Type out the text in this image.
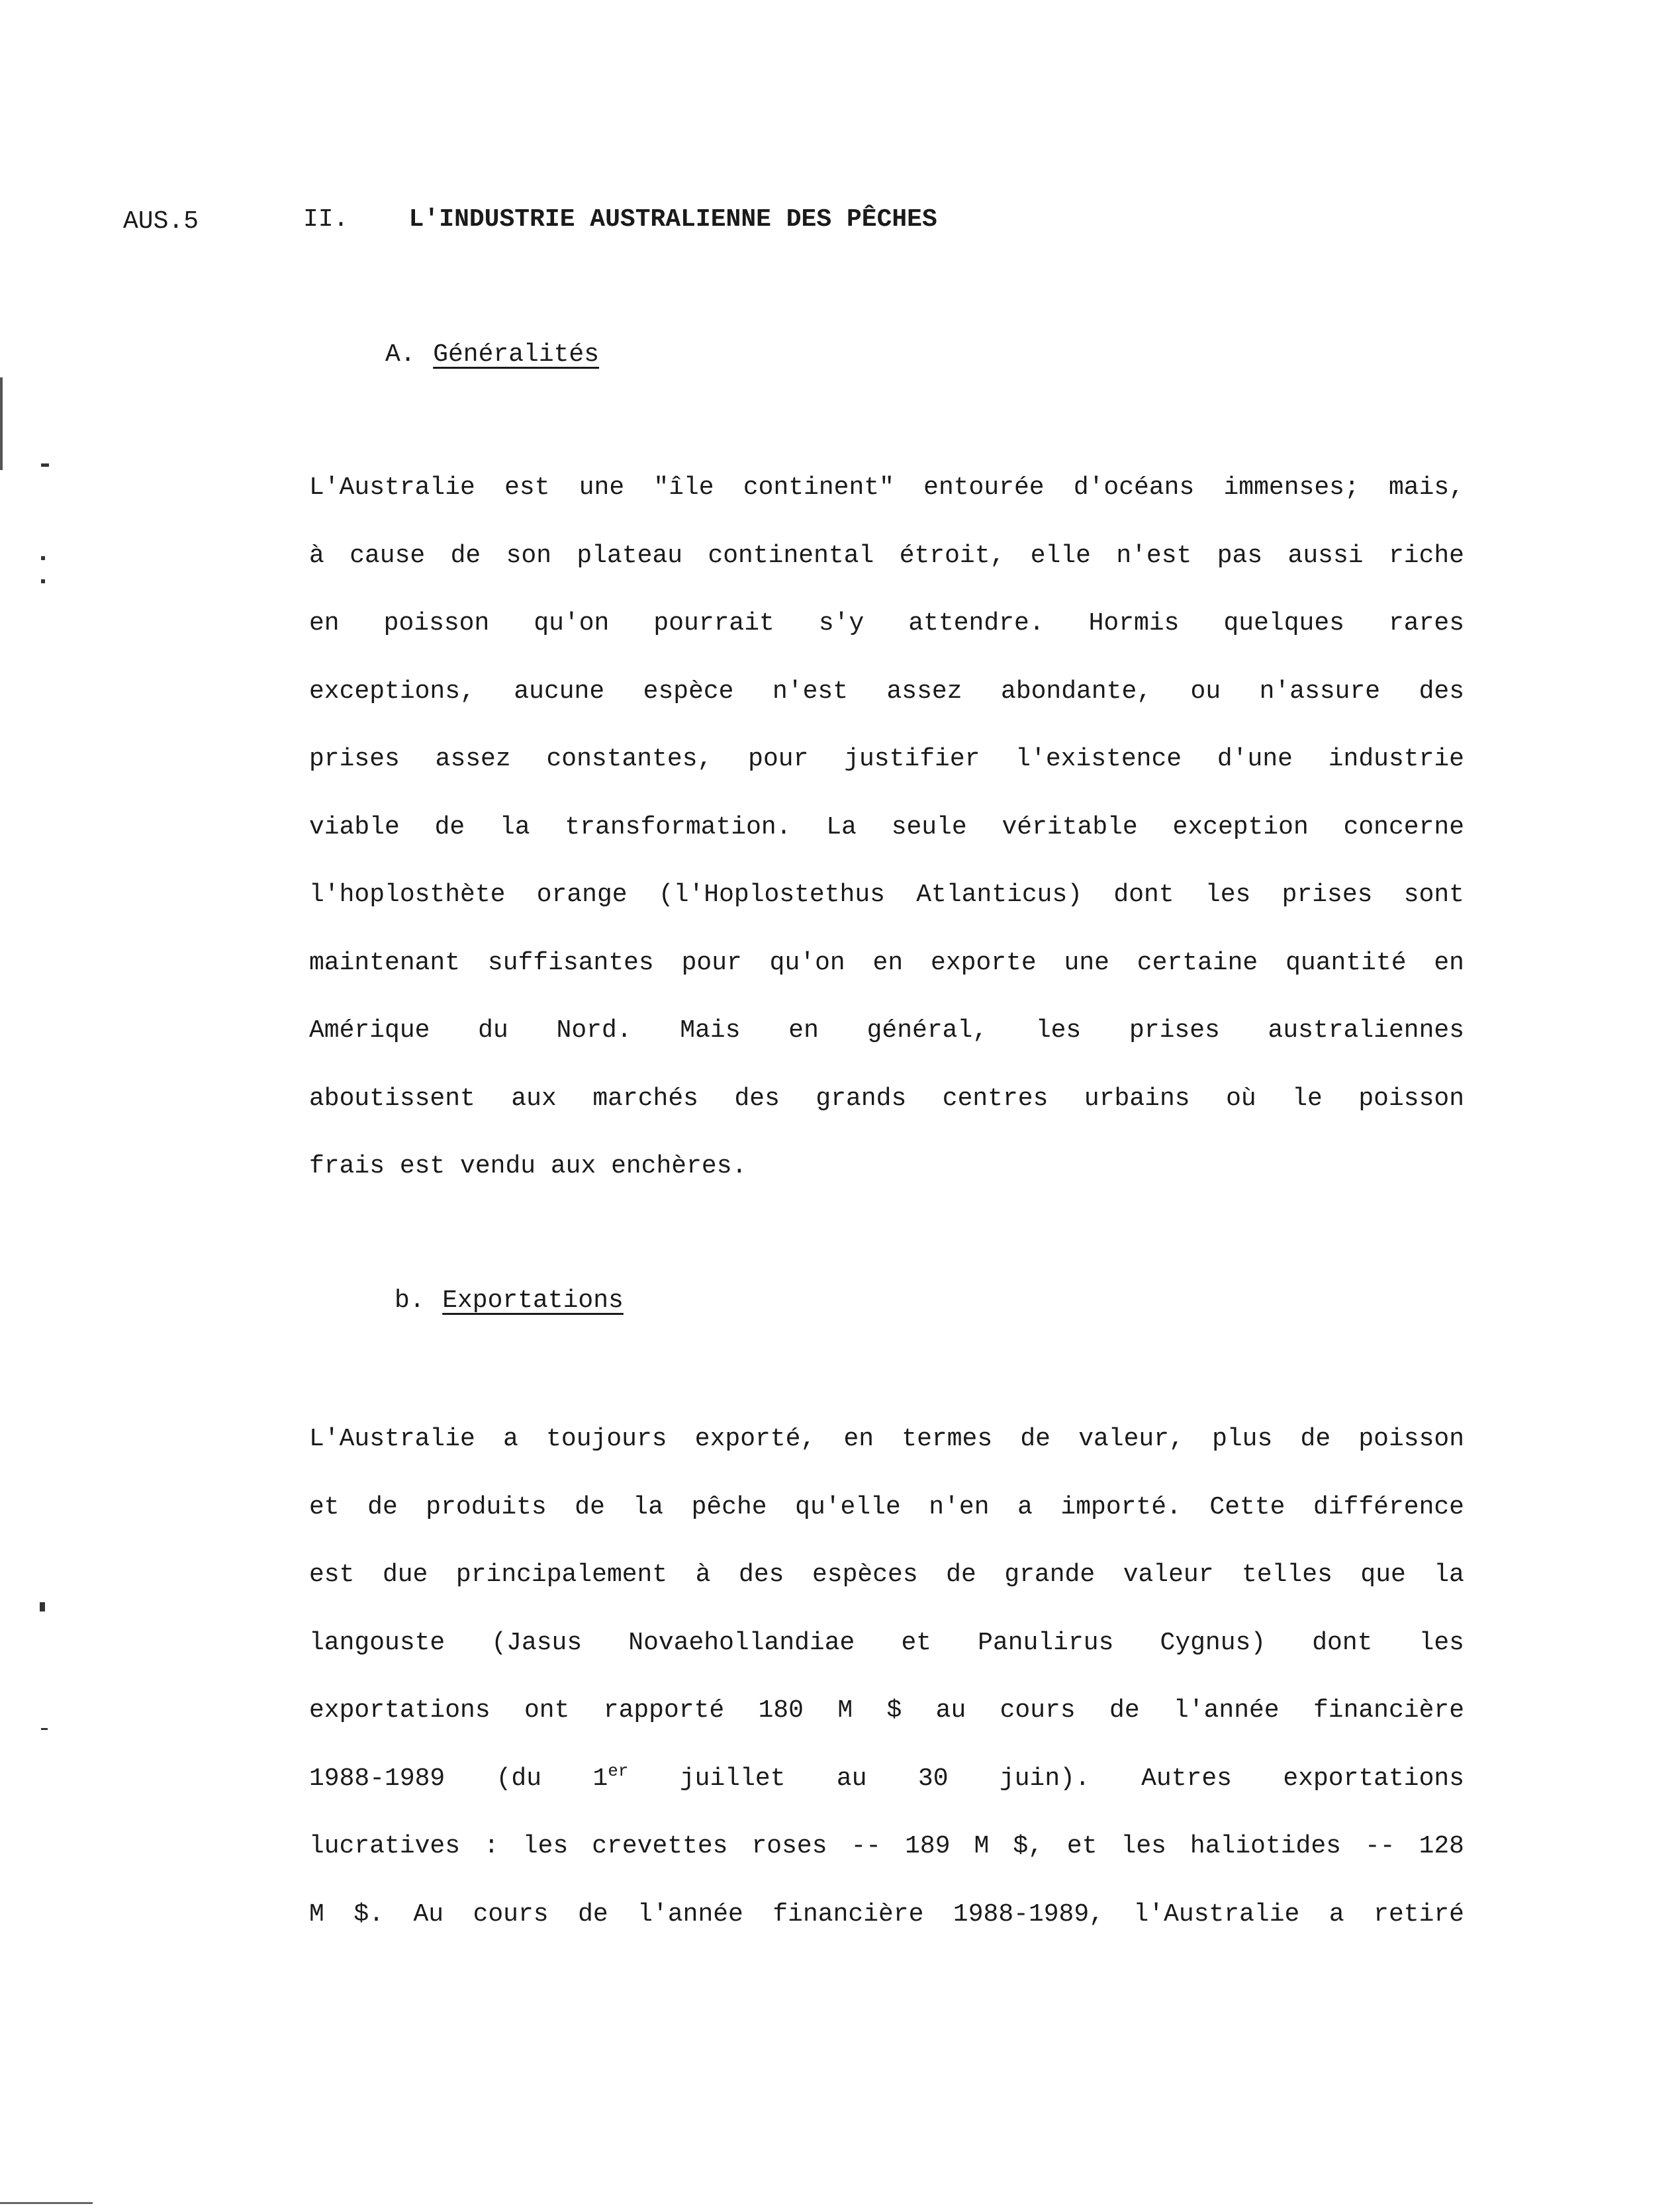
AUS.5	II. L'INDUSTRIE AUSTRALIENNE DES PÊCHES
A. Généralités
L'Australie est une "île continent" entourée d'océans immenses; mais,
à cause de son plateau continental étroit, elle n'est pas aussi riche
en poisson qu'on pourrait s'y attendre. Hormis quelques rares
exceptions, aucune espèce n'est assez abondante, ou n'assure des
prises assez constantes, pour justifier l'existence d'une industrie
viable de la transformation. La seule véritable exception concerne
l'hoplosthète orange (l'Hoplostethus Atlanticus) dont les prises sont
maintenant suffisantes pour qu'on en exporte une certaine quantité en
Amérique du Nord. Mais en général, les prises australiennes
aboutissent aux marchés des grands centres urbains où le poisson
frais est vendu aux enchères.
b. Exportations
L'Australie a toujours exporté, en termes de valeur, plus de poisson
et de produits de la pêche qu'elle n'en a importé. Cette différence
est due principalement à des espèces de grande valeur telles que la
langouste (Jasus Novaehollandiae et Panulirus Cygnus) dont les
exportations ont rapporté 180 M $ au cours de l'année financière
1988-1989 (du 1er juillet au 30 juin). Autres exportations
lucratives : les crevettes roses -- 189 M $, et les haliotides -- 128
M $. Au cours de l'année financière 1988-1989, l'Australie a retiré
